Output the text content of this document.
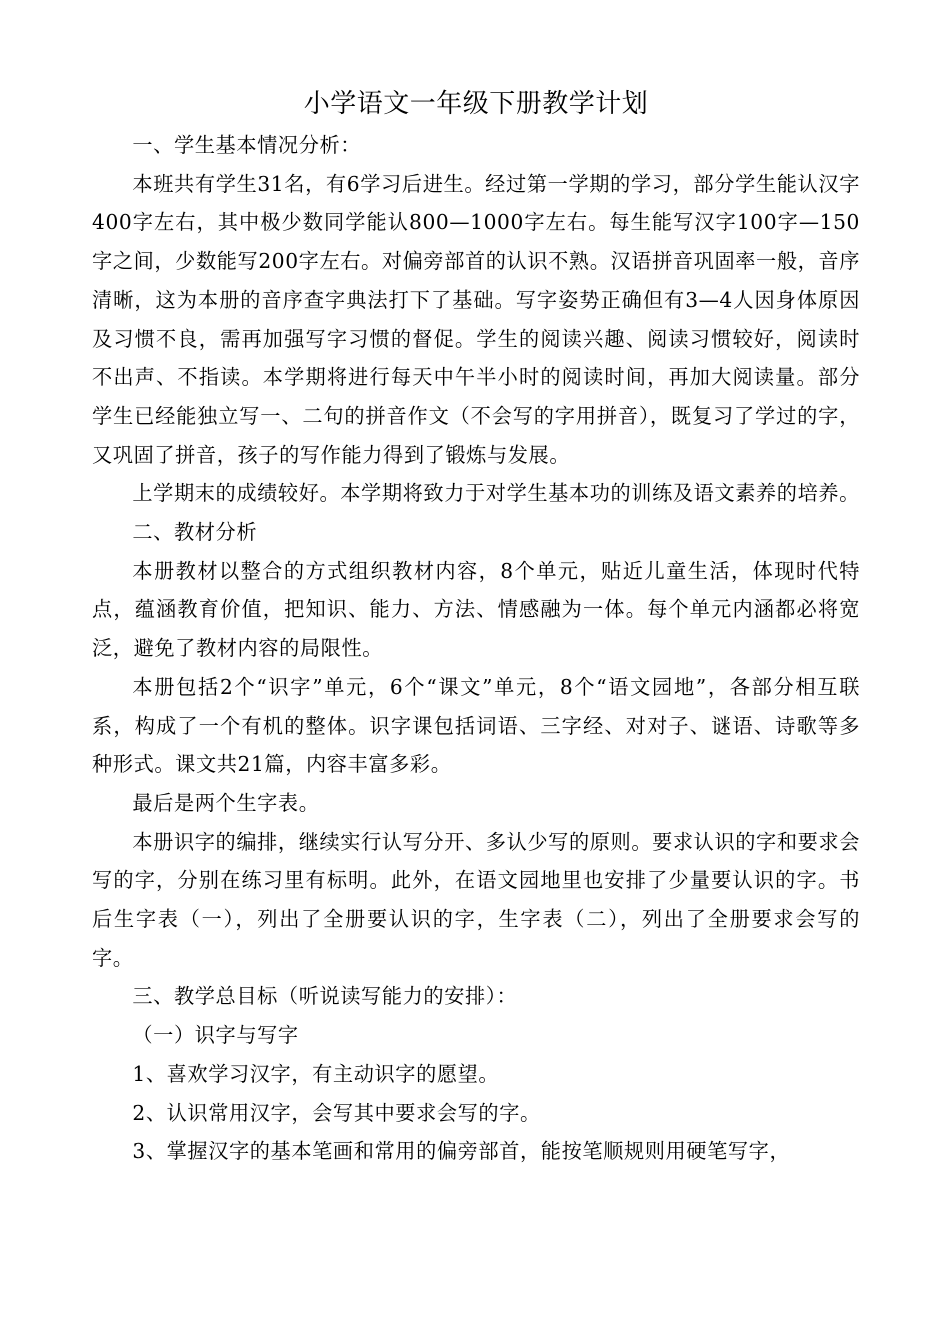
小学语文一年级下册教学计划

一、学生基本情况分析：

本班共有学生31名，有6学习后进生。经过第一学期的学习，部分学生能认汉字400字左右，其中极少数同学能认800—1000字左右。每生能写汉字100字—150字之间，少数能写200字左右。对偏旁部首的认识不熟。汉语拼音巩固率一般，音序清晰，这为本册的音序查字典法打下了基础。写字姿势正确但有3—4人因身体原因及习惯不良，需再加强写字习惯的督促。学生的阅读兴趣、阅读习惯较好，阅读时不出声、不指读。本学期将进行每天中午半小时的阅读时间，再加大阅读量。部分学生已经能独立写一、二句的拼音作文（不会写的字用拼音），既复习了学过的字，又巩固了拼音，孩子的写作能力得到了锻炼与发展。

上学期末的成绩较好。本学期将致力于对学生基本功的训练及语文素养的培养。

二、教材分析

本册教材以整合的方式组织教材内容，8个单元，贴近儿童生活，体现时代特点，蕴涵教育价值，把知识、能力、方法、情感融为一体。每个单元内涵都必将宽泛，避免了教材内容的局限性。

本册包括2个“识字”单元，6个“课文”单元，8个“语文园地”，各部分相互联系，构成了一个有机的整体。识字课包括词语、三字经、对对子、谜语、诗歌等多种形式。课文共21篇，内容丰富多彩。

最后是两个生字表。

本册识字的编排，继续实行认写分开、多认少写的原则。要求认识的字和要求会写的字，分别在练习里有标明。此外，在语文园地里也安排了少量要认识的字。书后生字表（一），列出了全册要认识的字，生字表（二），列出了全册要求会写的字。

三、教学总目标（听说读写能力的安排）：

（一）识字与写字

1、喜欢学习汉字，有主动识字的愿望。

2、认识常用汉字，会写其中要求会写的字。

3、掌握汉字的基本笔画和常用的偏旁部首，能按笔顺规则用硬笔写字，
